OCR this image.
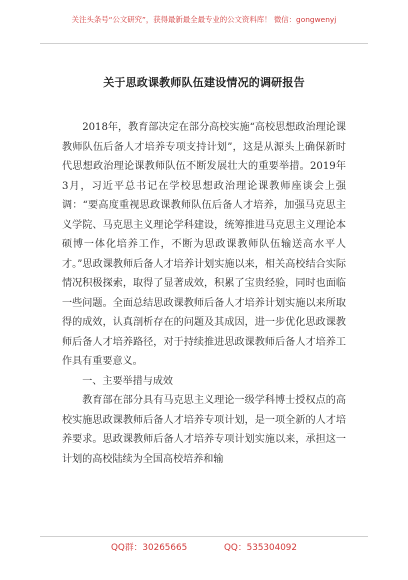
关注头条号“公文研究”，获得最新最全最专业的公文资料库！ 微信：gongwenyj
关于思政课教师队伍建设情况的调研报告

2018年，教育部决定在部分高校实施“高校思想政治理论课教师队伍后备人才培养专项支持计划”，这是从源头上确保新时代思想政治理论课教师队伍不断发展壮大的重要举措。2019年3月，习近平总书记在学校思想政治理论课教师座谈会上强调：“要高度重视思政课教师队伍后备人才培养，加强马克思主义学院、马克思主义理论学科建设，统筹推进马克思主义理论本硕博一体化培养工作，不断为思政课教师队伍输送高水平人才。”思政课教师后备人才培养计划实施以来，相关高校结合实际情况积极探索，取得了显著成效，积累了宝贵经验，同时也面临一些问题。全面总结思政课教师后备人才培养计划实施以来所取得的成效，认真剖析存在的问题及其成因，进一步优化思政课教师后备人才培养路径，对于持续推进思政课教师后备人才培养工作具有重要意义。

一、主要举措与成效

教育部在部分具有马克思主义理论一级学科博士授权点的高校实施思政课教师后备人才培养专项计划，是一项全新的人才培养要求。思政课教师后备人才培养专项计划实施以来，承担这一计划的高校陆续为全国高校培养和输

QQ群：30265665	QQ：535304092
